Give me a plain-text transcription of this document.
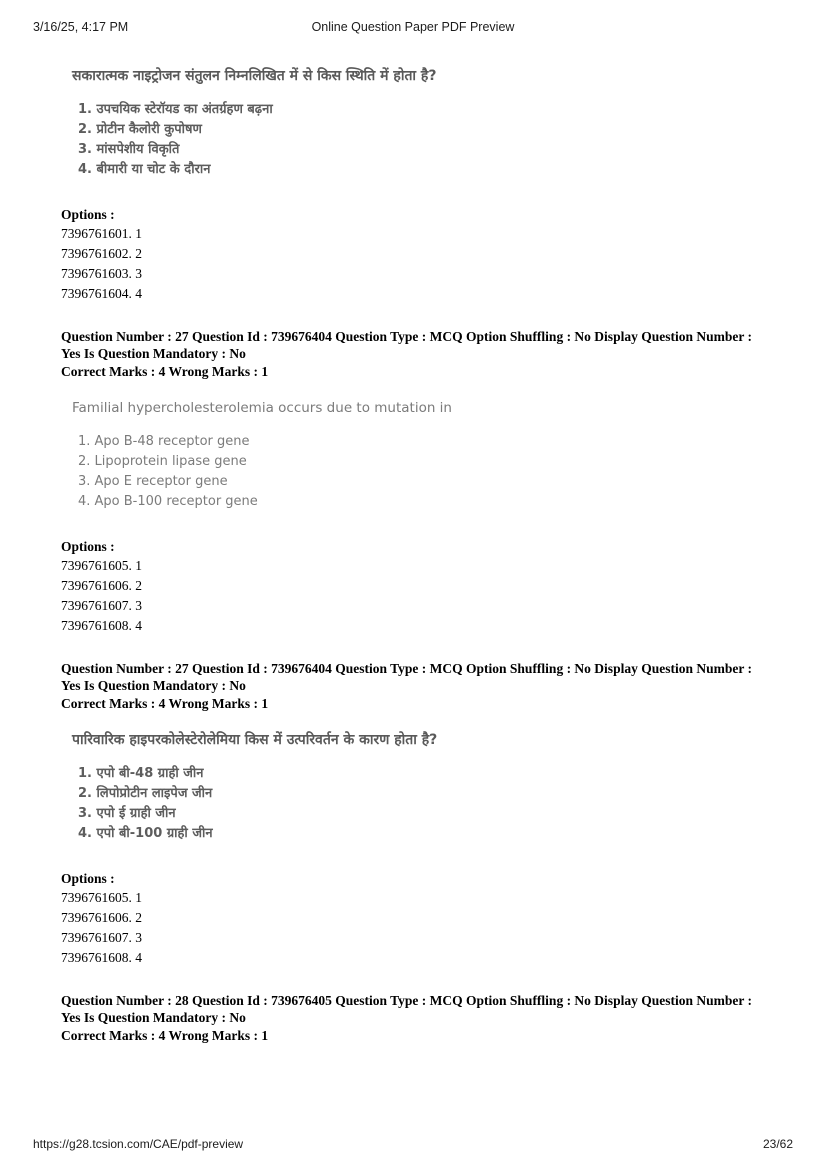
3/16/25, 4:17 PM	Online Question Paper PDF Preview
सकारात्मक नाइट्रोजन संतुलन निम्नलिखित में से किस स्थिति में होता है?
1. उपचयिक स्टेरॉयड का अंतर्ग्रहण बढ़ना
2. प्रोटीन कैलोरी कुपोषण
3. मांसपेशीय विकृति
4. बीमारी या चोट के दौरान
Options :
7396761601. 1
7396761602. 2
7396761603. 3
7396761604. 4

Question Number : 27 Question Id : 739676404 Question Type : MCQ Option Shuffling : No Display Question Number : Yes Is Question Mandatory : No

Correct Marks : 4 Wrong Marks : 1

Familial hypercholesterolemia occurs due to mutation in
1. Apo B-48 receptor gene
2. Lipoprotein lipase gene
3. Apo E receptor gene
4. Apo B-100 receptor gene
Options :
7396761605. 1
7396761606. 2
7396761607. 3
7396761608. 4

Question Number : 27 Question Id : 739676404 Question Type : MCQ Option Shuffling : No Display Question Number : Yes Is Question Mandatory : No

Correct Marks : 4 Wrong Marks : 1

पारिवारिक हाइपरकोलेस्टेरोलेमिया किस में उत्परिवर्तन के कारण होता है?
1. एपो बी-48 ग्राही जीन
2. लिपोप्रोटीन लाइपेज जीन
3. एपो ई ग्राही जीन
4. एपो बी-100 ग्राही जीन
Options :
7396761605. 1
7396761606. 2
7396761607. 3
7396761608. 4

Question Number : 28 Question Id : 739676405 Question Type : MCQ Option Shuffling : No Display Question Number : Yes Is Question Mandatory : No

Correct Marks : 4 Wrong Marks : 1

https://g28.tcsion.com/CAE/pdf-preview	23/62
